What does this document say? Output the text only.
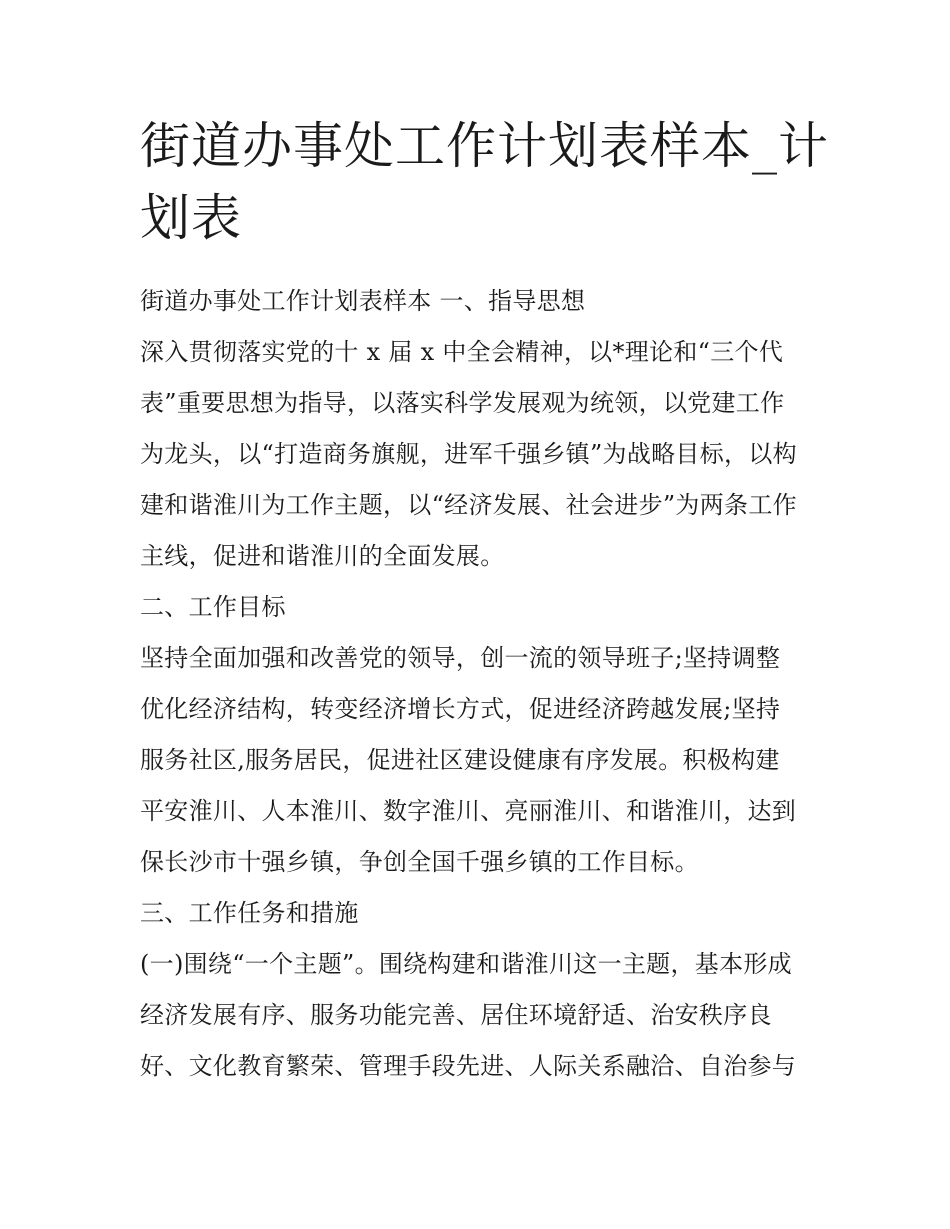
街道办事处工作计划表样本_计
划表
街道办事处工作计划表样本 一、指导思想
深入贯彻落实党的十 x 届 x 中全会精神，以*理论和“三个代
表”重要思想为指导，以落实科学发展观为统领，以党建工作
为龙头，以“打造商务旗舰，进军千强乡镇”为战略目标，以构
建和谐淮川为工作主题，以“经济发展、社会进步”为两条工作
主线，促进和谐淮川的全面发展。
二、工作目标
坚持全面加强和改善党的领导，创一流的领导班子;坚持调整
优化经济结构，转变经济增长方式，促进经济跨越发展;坚持
服务社区,服务居民，促进社区建设健康有序发展。积极构建
平安淮川、人本淮川、数字淮川、亮丽淮川、和谐淮川，达到
保长沙市十强乡镇，争创全国千强乡镇的工作目标。
三、工作任务和措施
(一)围绕“一个主题”。围绕构建和谐淮川这一主题，基本形成
经济发展有序、服务功能完善、居住环境舒适、治安秩序良
好、文化教育繁荣、管理手段先进、人际关系融洽、自治参与
